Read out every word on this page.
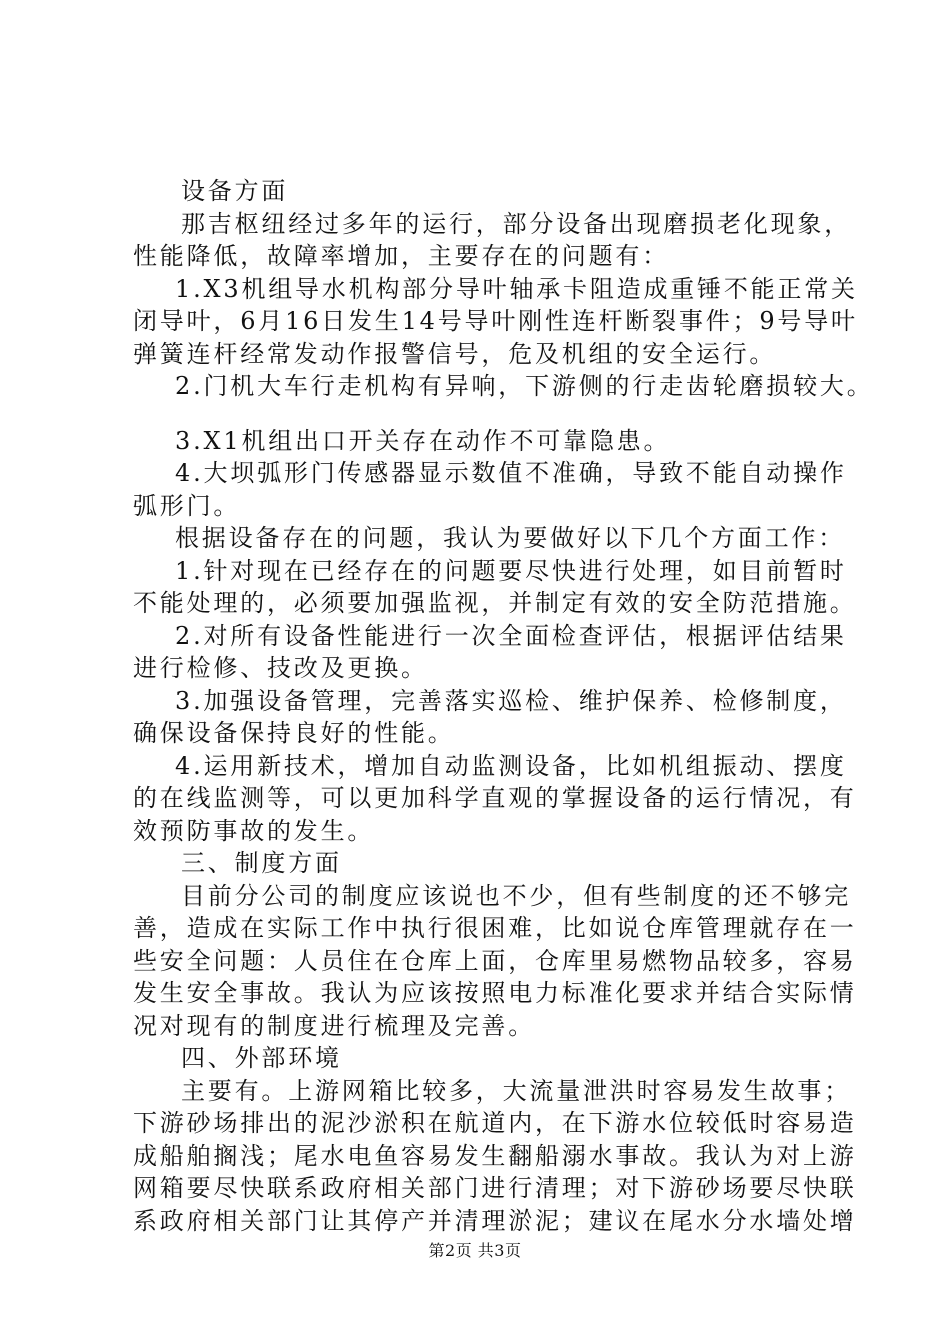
设备方面
那吉枢纽经过多年的运行，部分设备出现磨损老化现象，
性能降低，故障率增加，主要存在的问题有：
1.X3机组导水机构部分导叶轴承卡阻造成重锤不能正常关
闭导叶，6月16日发生14号导叶刚性连杆断裂事件；9号导叶
弹簧连杆经常发动作报警信号，危及机组的安全运行。
2.门机大车行走机构有异响，下游侧的行走齿轮磨损较大。
3.X1机组出口开关存在动作不可靠隐患。
4.大坝弧形门传感器显示数值不准确，导致不能自动操作
弧形门。
根据设备存在的问题，我认为要做好以下几个方面工作：
1.针对现在已经存在的问题要尽快进行处理，如目前暂时
不能处理的，必须要加强监视，并制定有效的安全防范措施。
2.对所有设备性能进行一次全面检查评估，根据评估结果
进行检修、技改及更换。
3.加强设备管理，完善落实巡检、维护保养、检修制度，
确保设备保持良好的性能。
4.运用新技术，增加自动监测设备，比如机组振动、摆度
的在线监测等，可以更加科学直观的掌握设备的运行情况，有
效预防事故的发生。
三、制度方面
目前分公司的制度应该说也不少，但有些制度的还不够完
善，造成在实际工作中执行很困难，比如说仓库管理就存在一
些安全问题：人员住在仓库上面，仓库里易燃物品较多，容易
发生安全事故。我认为应该按照电力标准化要求并结合实际情
况对现有的制度进行梳理及完善。
四、外部环境
主要有。上游网箱比较多，大流量泄洪时容易发生故事；
下游砂场排出的泥沙淤积在航道内，在下游水位较低时容易造
成船舶搁浅；尾水电鱼容易发生翻船溺水事故。我认为对上游
网箱要尽快联系政府相关部门进行清理；对下游砂场要尽快联
系政府相关部门让其停产并清理淤泥；建议在尾水分水墙处增
第2页 共3页
